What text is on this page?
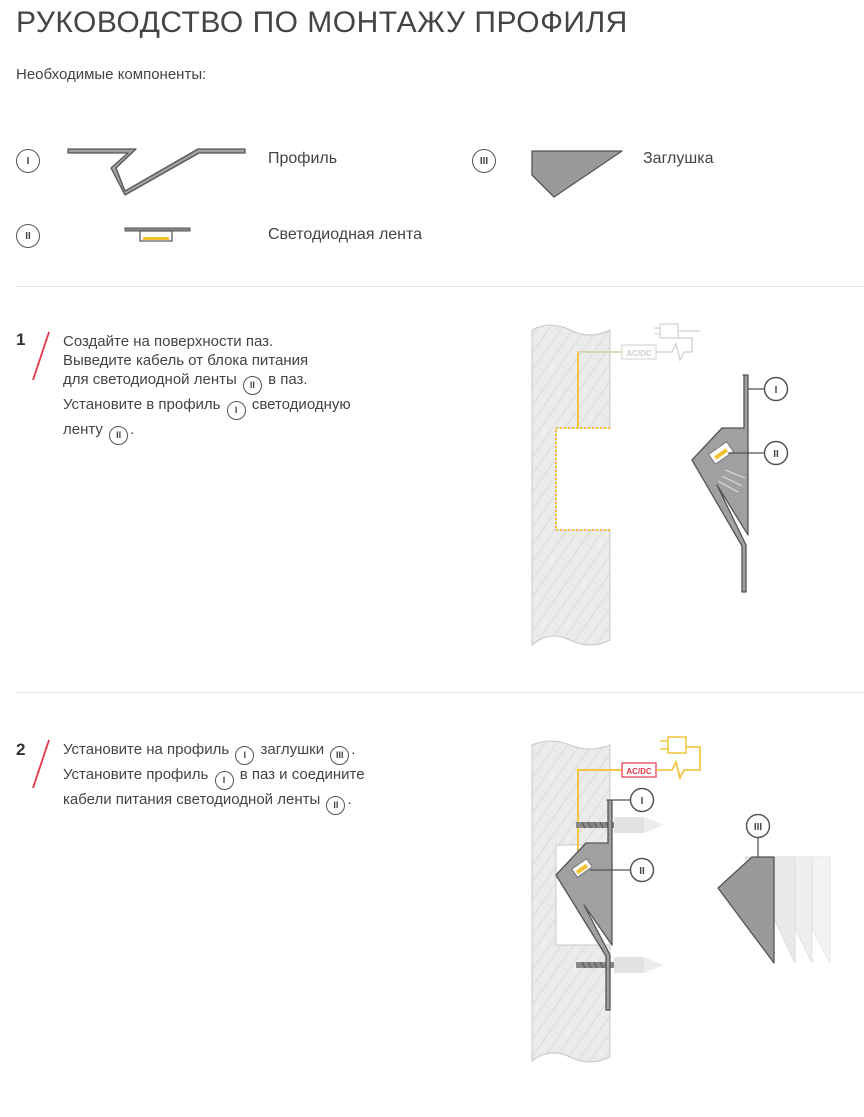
РУКОВОДСТВО ПО МОНТАЖУ ПРОФИЛЯ
Необходимые компоненты:
I	Профиль	III	Заглушка
II	Светодиодная лента
1	Создайте на поверхности паз.
Выведите кабель от блока питания
для светодиодной ленты II в паз.
Установите в профиль I светодиодную
ленту II .
AC/DC
I
II
2	Установите на профиль I заглушки III .
Установите профиль I в паз и соедините
кабели питания светодиодной ленты II .
AC/DC
I
II
III
